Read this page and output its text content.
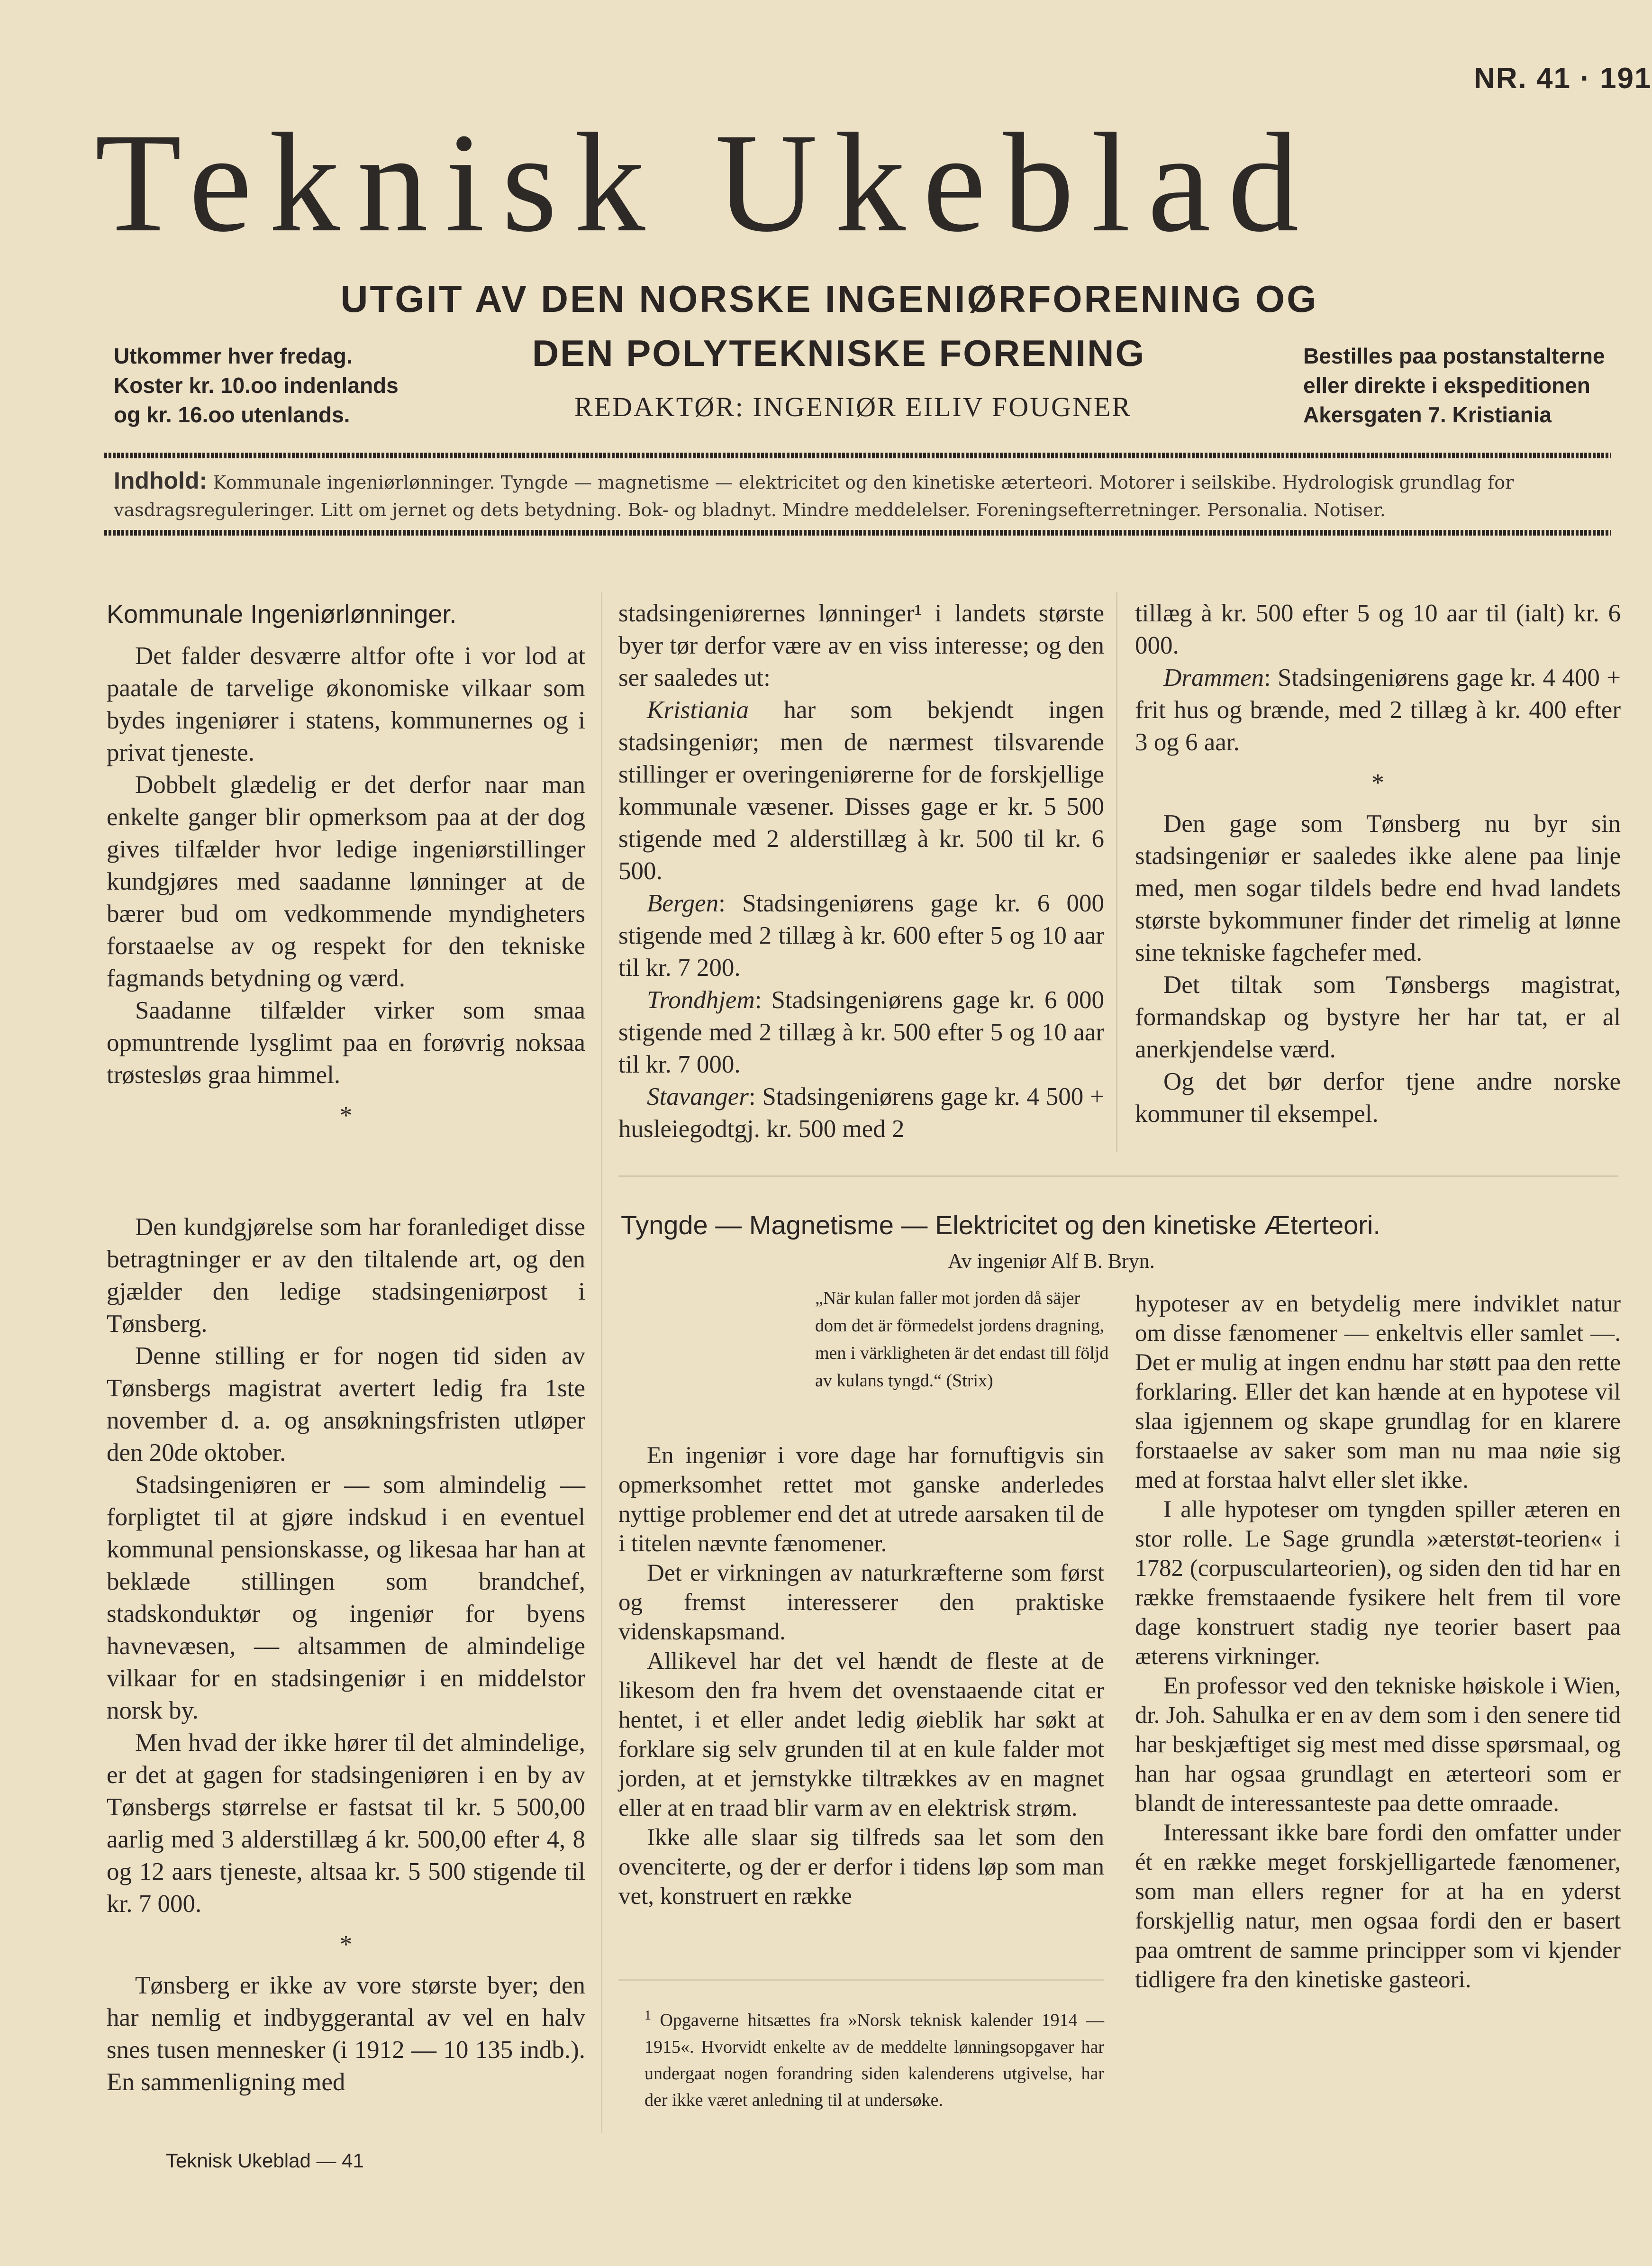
NR. 41 · 191
Teknisk Ukeblad
UTGIT AV DEN NORSKE INGENIØRFORENING OG
DEN POLYTEKNISKE FORENING
REDAKTØR: INGENIØR EILIV FOUGNER
Utkommer hver fredag.
Koster kr. 10.oo indenlands
og kr. 16.oo utenlands.
Bestilles paa postanstalterne
eller direkte i ekspeditionen
Akersgaten 7. Kristiania
Indhold: Kommunale ingeniørlønninger. Tyngde — magnetisme — elektricitet og den kinetiske æterteori. Motorer i seilskibe. Hydrologisk grundlag for vasdragsreguleringer. Litt om jernet og dets betydning. Bok- og bladnyt. Mindre meddelelser. Foreningsefterretninger. Personalia. Notiser.
Kommunale Ingeniørlønninger.

Det falder desværre altfor ofte i vor lod at paatale de tarvelige økonomiske vilkaar som bydes ingeniører i statens, kommunernes og i privat tjeneste.

Dobbelt glædelig er det derfor naar man enkelte ganger blir opmerksom paa at der dog gives tilfælder hvor ledige ingeniørstillinger kundgjøres med saadanne lønninger at de bærer bud om vedkommende myndigheters forstaaelse av og respekt for den tekniske fagmands betydning og værd.

Saadanne tilfælder virker som smaa opmuntrende lysglimt paa en forøvrig noksaa trøstesløs graa himmel.

*

Den kundgjørelse som har foranlediget disse betragtninger er av den tiltalende art, og den gjælder den ledige stadsingeniørpost i Tønsberg.

Denne stilling er for nogen tid siden av Tønsbergs magistrat avertert ledig fra 1ste november d. a. og ansøkningsfristen utløper den 20de oktober.

Stadsingeniøren er — som almindelig — forpligtet til at gjøre indskud i en eventuel kommunal pensionskasse, og likesaa har han at beklæde stillingen som brandchef, stadskonduktør og ingeniør for byens havnevæsen, — altsammen de almindelige vilkaar for en stadsingeniør i en middelstor norsk by.

Men hvad der ikke hører til det almindelige, er det at gagen for stadsingeniøren i en by av Tønsbergs størrelse er fastsat til kr. 5 500,00 aarlig med 3 alderstillæg á kr. 500,00 efter 4, 8 og 12 aars tjeneste, altsaa kr. 5 500 stigende til kr. 7 000.

*

Tønsberg er ikke av vore største byer; den har nemlig et indbyggerantal av vel en halv snes tusen mennesker (i 1912 — 10 135 indb.). En sammenligning med

stadsingeniørernes lønninger¹ i landets største byer tør derfor være av en viss interesse; og den ser saaledes ut:

Kristiania har som bekjendt ingen stadsingeniør; men de nærmest tilsvarende stillinger er overingeniørerne for de forskjellige kommunale væsener. Disses gage er kr. 5 500 stigende med 2 alderstillæg à kr. 500 til kr. 6 500.

Bergen: Stadsingeniørens gage kr. 6 000 stigende med 2 tillæg à kr. 600 efter 5 og 10 aar til kr. 7 200.

Trondhjem: Stadsingeniørens gage kr. 6 000 stigende med 2 tillæg à kr. 500 efter 5 og 10 aar til kr. 7 000.

Stavanger: Stadsingeniørens gage kr. 4 500 + husleiegodtgj. kr. 500 med 2

tillæg à kr. 500 efter 5 og 10 aar til (ialt) kr. 6 000.

Drammen: Stadsingeniørens gage kr. 4 400 + frit hus og brænde, med 2 tillæg à kr. 400 efter 3 og 6 aar.

*

Den gage som Tønsberg nu byr sin stadsingeniør er saaledes ikke alene paa linje med, men sogar tildels bedre end hvad landets største bykommuner finder det rimelig at lønne sine tekniske fagchefer med.

Det tiltak som Tønsbergs magistrat, formandskap og bystyre her har tat, er al anerkjendelse værd.

Og det bør derfor tjene andre norske kommuner til eksempel.

Tyngde — Magnetisme — Elektricitet og den kinetiske Æterteori.
Av ingeniør Alf B. Bryn.
„När kulan faller mot jorden då säjer dom det är förmedelst jordens dragning, men i värkligheten är det endast till följd av kulans tyngd.“ (Strix)

En ingeniør i vore dage har fornuftigvis sin opmerksomhet rettet mot ganske anderledes nyttige problemer end det at utrede aarsaken til de i titelen nævnte fænomener.

Det er virkningen av naturkræfterne som først og fremst interesserer den praktiske videnskapsmand.

Allikevel har det vel hændt de fleste at de likesom den fra hvem det ovenstaaende citat er hentet, i et eller andet ledig øieblik har søkt at forklare sig selv grunden til at en kule falder mot jorden, at et jernstykke tiltrækkes av en magnet eller at en traad blir varm av en elektrisk strøm.

Ikke alle slaar sig tilfreds saa let som den ovenciterte, og der er derfor i tidens løp som man vet, konstruert en række

hypoteser av en betydelig mere indviklet natur om disse fænomener — enkeltvis eller samlet —. Det er mulig at ingen endnu har støtt paa den rette forklaring. Eller det kan hænde at en hypotese vil slaa igjennem og skape grundlag for en klarere forstaaelse av saker som man nu maa nøie sig med at forstaa halvt eller slet ikke.

I alle hypoteser om tyngden spiller æteren en stor rolle. Le Sage grundla »æterstøt-teorien« i 1782 (corpuscularteorien), og siden den tid har en række fremstaaende fysikere helt frem til vore dage konstruert stadig nye teorier basert paa æterens virkninger.

En professor ved den tekniske høiskole i Wien, dr. Joh. Sahulka er en av dem som i den senere tid har beskjæftiget sig mest med disse spørsmaal, og han har ogsaa grundlagt en æterteori som er blandt de interessanteste paa dette omraade.

Interessant ikke bare fordi den omfatter under ét en række meget forskjelligartede fænomener, som man ellers regner for at ha en yderst forskjellig natur, men ogsaa fordi den er basert paa omtrent de samme principper som vi kjender tidligere fra den kinetiske gasteori.

$^1$ Opgaverne hitsættes fra »Norsk teknisk kalender 1914 — 1915«. Hvorvidt enkelte av de meddelte lønningsopgaver har undergaat nogen forandring siden kalenderens utgivelse, har der ikke været anledning til at undersøke.
Teknisk Ukeblad — 41
